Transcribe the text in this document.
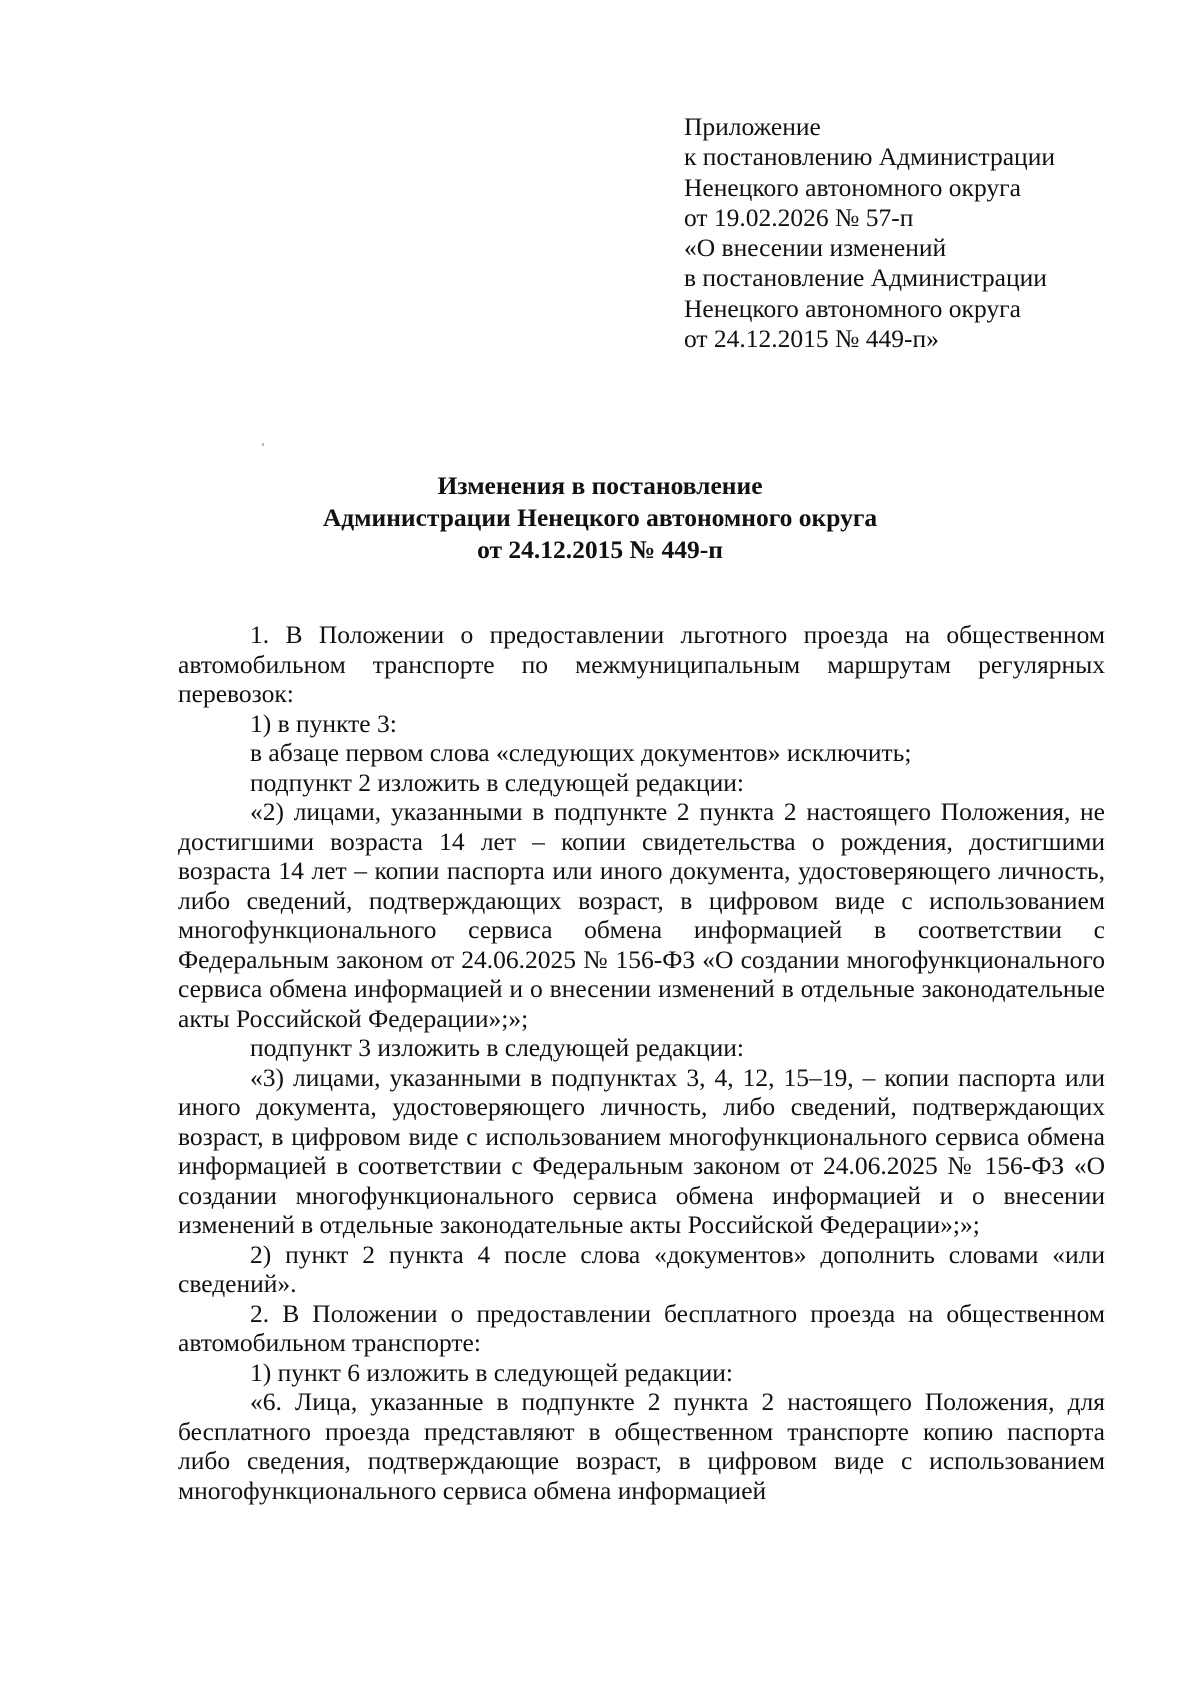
Приложение
к постановлению Администрации
Ненецкого автономного округа
от 19.02.2026 № 57-п
«О внесении изменений
в постановление Администрации
Ненецкого автономного округа
от 24.12.2015 № 449-п»
Изменения в постановление
Администрации Ненецкого автономного округа
от 24.12.2015 № 449-п

1. В Положении о предоставлении льготного проезда на общественном автомобильном транспорте по межмуниципальным маршрутам регулярных перевозок:

1) в пункте 3:

в абзаце первом слова «следующих документов» исключить;

подпункт 2 изложить в следующей редакции:

«2) лицами, указанными в подпункте 2 пункта 2 настоящего Положения, не достигшими возраста 14 лет – копии свидетельства о рождения, достигшими возраста 14 лет – копии паспорта или иного документа, удостоверяющего личность, либо сведений, подтверждающих возраст, в цифровом виде с использованием многофункционального сервиса обмена информацией в соответствии с Федеральным законом от 24.06.2025 № 156-ФЗ «О создании многофункционального сервиса обмена информацией и о внесении изменений в отдельные законодательные акты Российской Федерации»;»;

подпункт 3 изложить в следующей редакции:

«3) лицами, указанными в подпунктах 3, 4, 12, 15–19, – копии паспорта или иного документа, удостоверяющего личность, либо сведений, подтверждающих возраст, в цифровом виде с использованием многофункционального сервиса обмена информацией в соответствии с Федеральным законом от 24.06.2025 № 156-ФЗ «О создании многофункционального сервиса обмена информацией и о внесении изменений в отдельные законодательные акты Российской Федерации»;»;

2) пункт 2 пункта 4 после слова «документов» дополнить словами «или сведений».

2. В Положении о предоставлении бесплатного проезда на общественном автомобильном транспорте:

1) пункт 6 изложить в следующей редакции:

«6. Лица, указанные в подпункте 2 пункта 2 настоящего Положения, для бесплатного проезда представляют в общественном транспорте копию паспорта либо сведения, подтверждающие возраст, в цифровом виде с использованием многофункционального сервиса обмена информацией
